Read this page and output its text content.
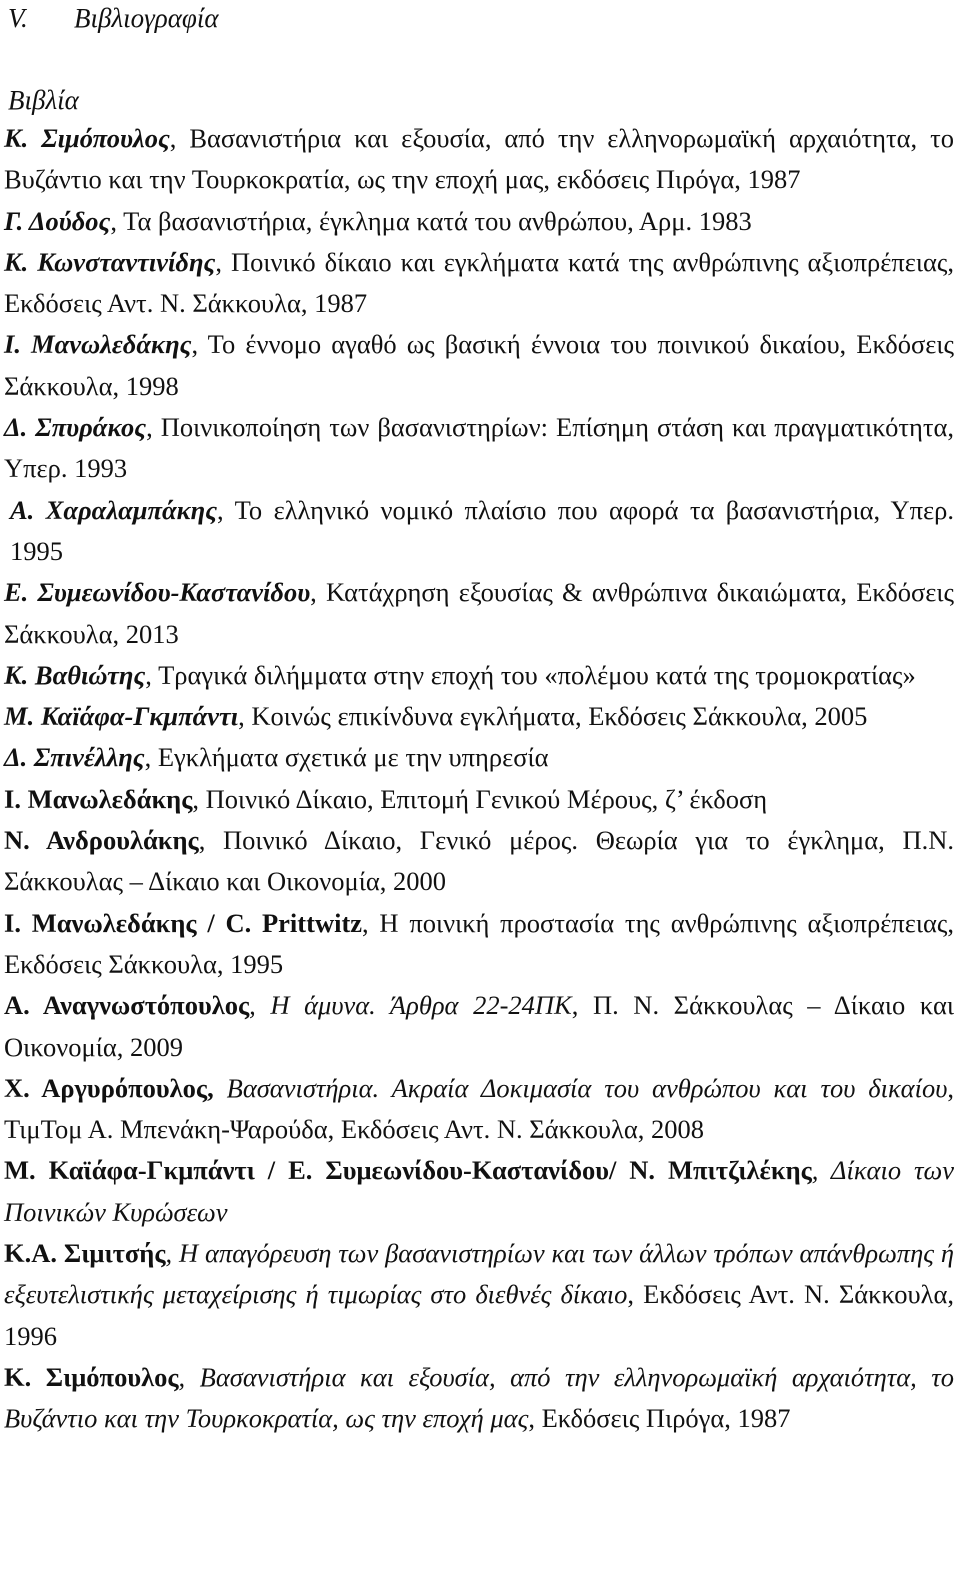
V. Βιβλιογραφία
Βιβλία

Κ. Σιμόπουλος, Βασανιστήρια και εξουσία, από την ελληνορωμαϊκή αρχαιότητα, το Βυζάντιο και την Τουρκοκρατία, ως την εποχή μας, εκδόσεις Πιρόγα, 1987

Γ. Δούδος, Τα βασανιστήρια, έγκλημα κατά του ανθρώπου, Αρμ. 1983

Κ. Κωνσταντινίδης, Ποινικό δίκαιο και εγκλήματα κατά της ανθρώπινης αξιοπρέπειας, Εκδόσεις Αντ. Ν. Σάκκουλα, 1987

Ι. Μανωλεδάκης, Το έννομο αγαθό ως βασική έννοια του ποινικού δικαίου, Εκδόσεις Σάκκουλα, 1998

Δ. Σπυράκος, Ποινικοποίηση των βασανιστηρίων: Επίσημη στάση και πραγματικότητα, Υπερ. 1993

Α. Χαραλαμπάκης, Το ελληνικό νομικό πλαίσιο που αφορά τα βασανιστήρια, Υπερ. 1995

Ε. Συμεωνίδου-Καστανίδου, Κατάχρηση εξουσίας & ανθρώπινα δικαιώματα, Εκδόσεις Σάκκουλα, 2013

Κ. Βαθιώτης, Τραγικά διλήμματα στην εποχή του «πολέμου κατά της τρομοκρατίας»

Μ. Καϊάφα-Γκμπάντι, Κοινώς επικίνδυνα εγκλήματα, Εκδόσεις Σάκκουλα, 2005

Δ. Σπινέλλης, Εγκλήματα σχετικά με την υπηρεσία

Ι. Μανωλεδάκης, Ποινικό Δίκαιο, Επιτομή Γενικού Μέρους, ζ’ έκδοση

Ν. Ανδρουλάκης, Ποινικό Δίκαιο, Γενικό μέρος. Θεωρία για το έγκλημα, Π.Ν. Σάκκουλας – Δίκαιο και Οικονομία, 2000

Ι. Μανωλεδάκης / C. Prittwitz, Η ποινική προστασία της ανθρώπινης αξιοπρέπειας, Εκδόσεις Σάκκουλα, 1995

Α. Αναγνωστόπουλος, Η άμυνα. Άρθρα 22-24ΠΚ, Π. Ν. Σάκκουλας – Δίκαιο και Οικονομία, 2009

Χ. Αργυρόπουλος, Βασανιστήρια. Ακραία Δοκιμασία του ανθρώπου και του δικαίου, ΤιμΤομ Α. Μπενάκη-Ψαρούδα, Εκδόσεις Αντ. Ν. Σάκκουλα, 2008

Μ. Καϊάφα-Γκμπάντι / Ε. Συμεωνίδου-Καστανίδου/ Ν. Μπιτζιλέκης, Δίκαιο των Ποινικών Κυρώσεων

Κ.Α. Σιμιτσής, Η απαγόρευση των βασανιστηρίων και των άλλων τρόπων απάνθρωπης ή εξευτελιστικής μεταχείρισης ή τιμωρίας στο διεθνές δίκαιο, Εκδόσεις Αντ. Ν. Σάκκουλα, 1996

Κ. Σιμόπουλος, Βασανιστήρια και εξουσία, από την ελληνορωμαϊκή αρχαιότητα, το Βυζάντιο και την Τουρκοκρατία, ως την εποχή μας, Εκδόσεις Πιρόγα, 1987
